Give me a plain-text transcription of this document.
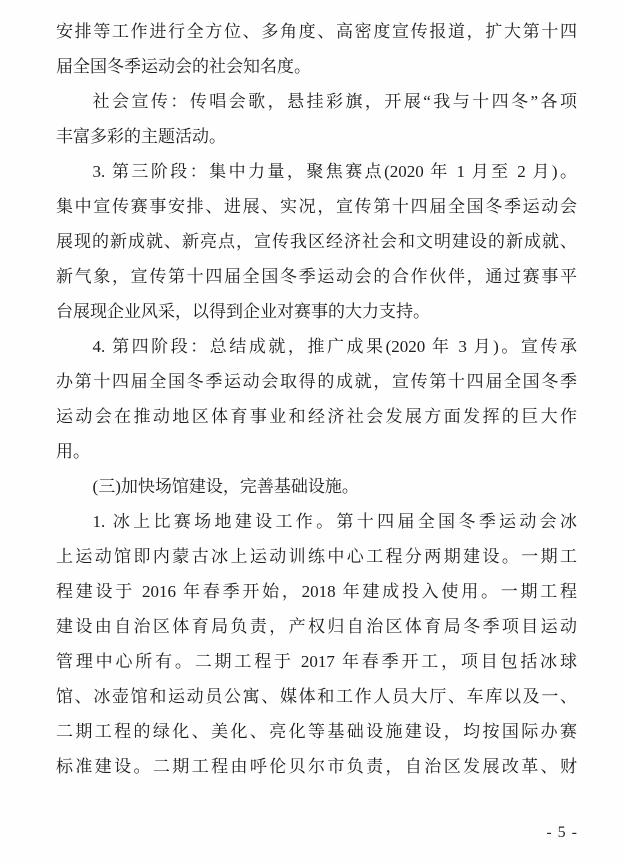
安排等工作进行全方位、多角度、高密度宣传报道，扩大第十四
届全国冬季运动会的社会知名度。
社会宣传：传唱会歌，悬挂彩旗，开展“我与十四冬”各项
丰富多彩的主题活动。
3. 第三阶段：集中力量，聚焦赛点(2020 年 1 月至 2 月)。
集中宣传赛事安排、进展、实况，宣传第十四届全国冬季运动会
展现的新成就、新亮点，宣传我区经济社会和文明建设的新成就、
新气象，宣传第十四届全国冬季运动会的合作伙伴，通过赛事平
台展现企业风采，以得到企业对赛事的大力支持。
4. 第四阶段：总结成就，推广成果(2020 年 3 月)。宣传承
办第十四届全国冬季运动会取得的成就，宣传第十四届全国冬季
运动会在推动地区体育事业和经济社会发展方面发挥的巨大作
用。
(三)加快场馆建设，完善基础设施。
1. 冰上比赛场地建设工作。第十四届全国冬季运动会冰
上运动馆即内蒙古冰上运动训练中心工程分两期建设。一期工
程建设于 2016 年春季开始，2018 年建成投入使用。一期工程
建设由自治区体育局负责，产权归自治区体育局冬季项目运动
管理中心所有。二期工程于 2017 年春季开工，项目包括冰球
馆、冰壶馆和运动员公寓、媒体和工作人员大厅、车库以及一、
二期工程的绿化、美化、亮化等基础设施建设，均按国际办赛
标准建设。二期工程由呼伦贝尔市负责，自治区发展改革、财
- 5 -
